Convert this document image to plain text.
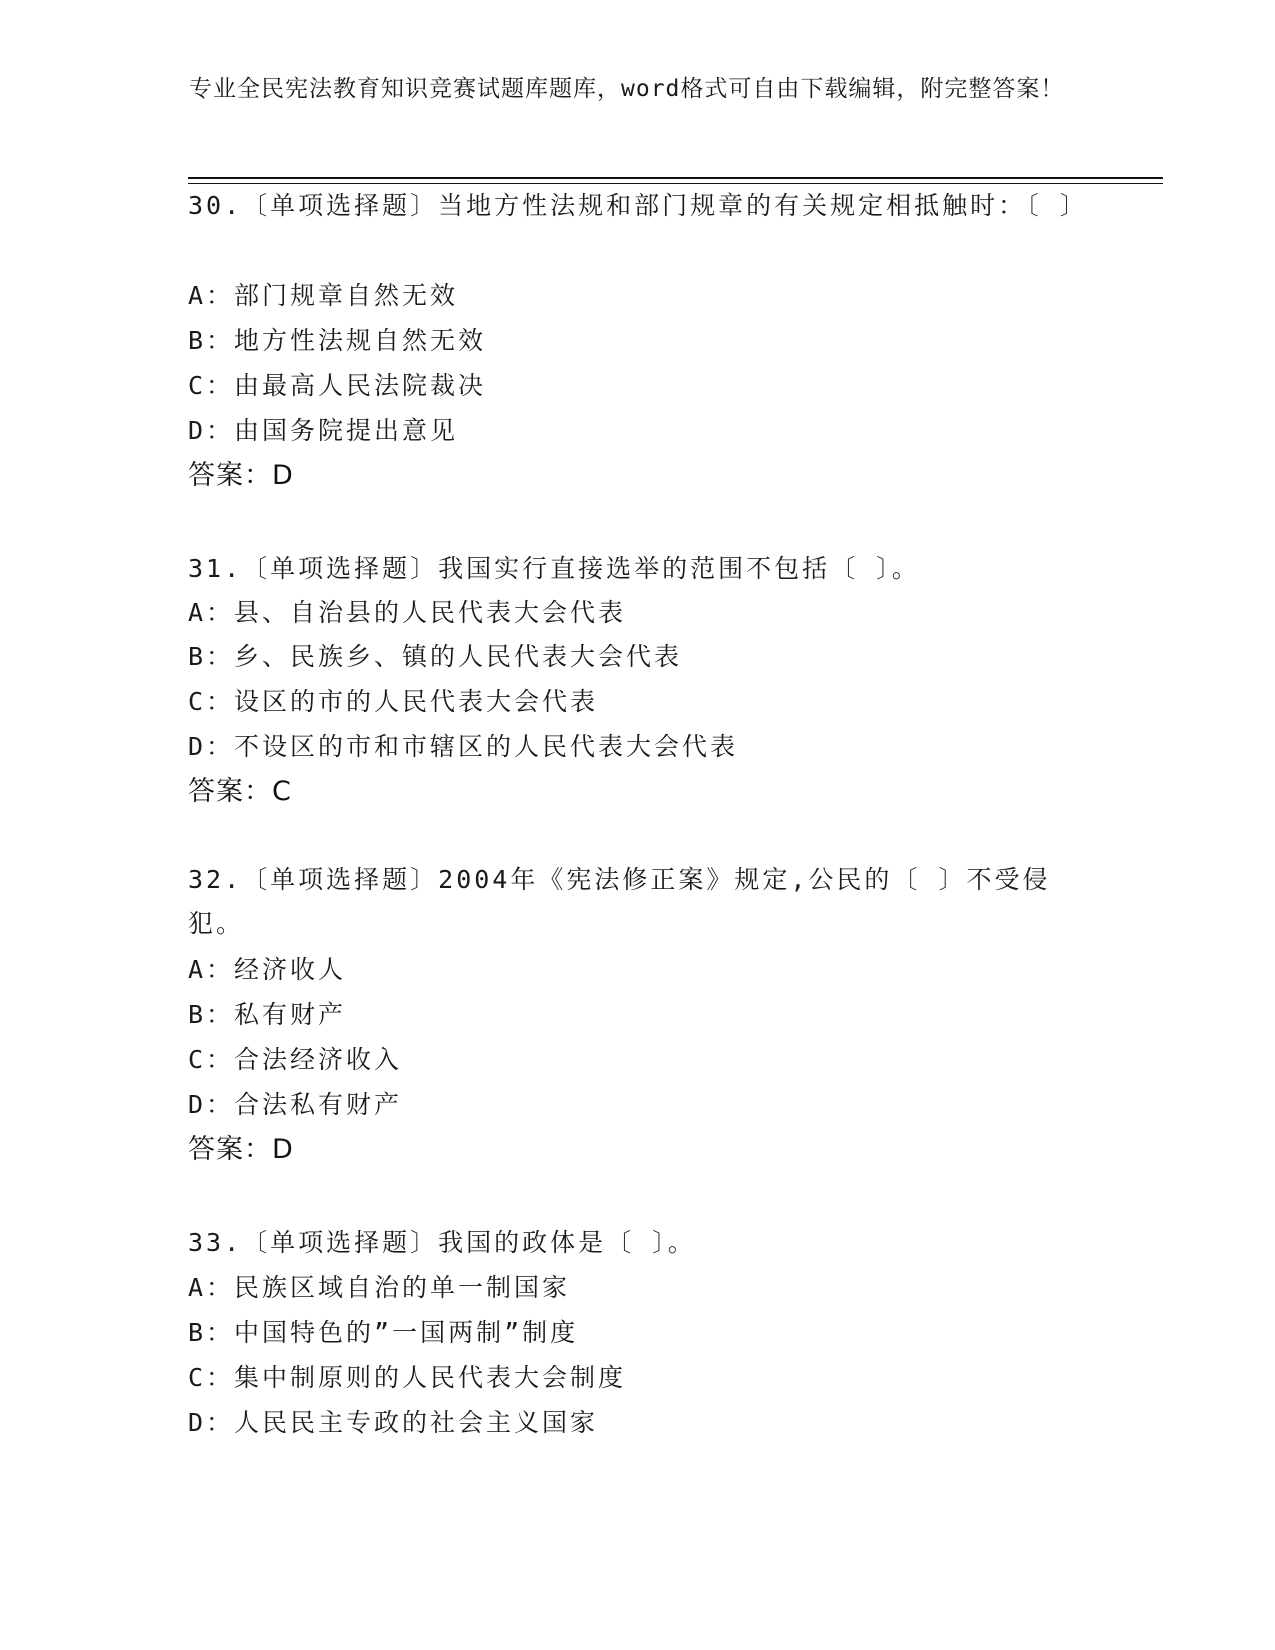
专业全民宪法教育知识竞赛试题库题库，word格式可自由下载编辑，附完整答案！
30.〔单项选择题〕当地方性法规和部门规章的有关规定相抵触时：〔 〕
A：部门规章自然无效
B：地方性法规自然无效
C：由最高人民法院裁决
D：由国务院提出意见
答案：D
31.〔单项选择题〕我国实行直接选举的范围不包括〔 〕。
A：县、自治县的人民代表大会代表
B：乡、民族乡、镇的人民代表大会代表
C：设区的市的人民代表大会代表
D：不设区的市和市辖区的人民代表大会代表
答案：C
32.〔单项选择题〕2004年《宪法修正案》规定,公民的〔 〕不受侵犯。
A：经济收人
B：私有财产
C：合法经济收入
D：合法私有财产
答案：D
33.〔单项选择题〕我国的政体是〔 〕。
A：民族区域自治的单一制国家
B：中国特色的”一国两制”制度
C：集中制原则的人民代表大会制度
D：人民民主专政的社会主义国家
